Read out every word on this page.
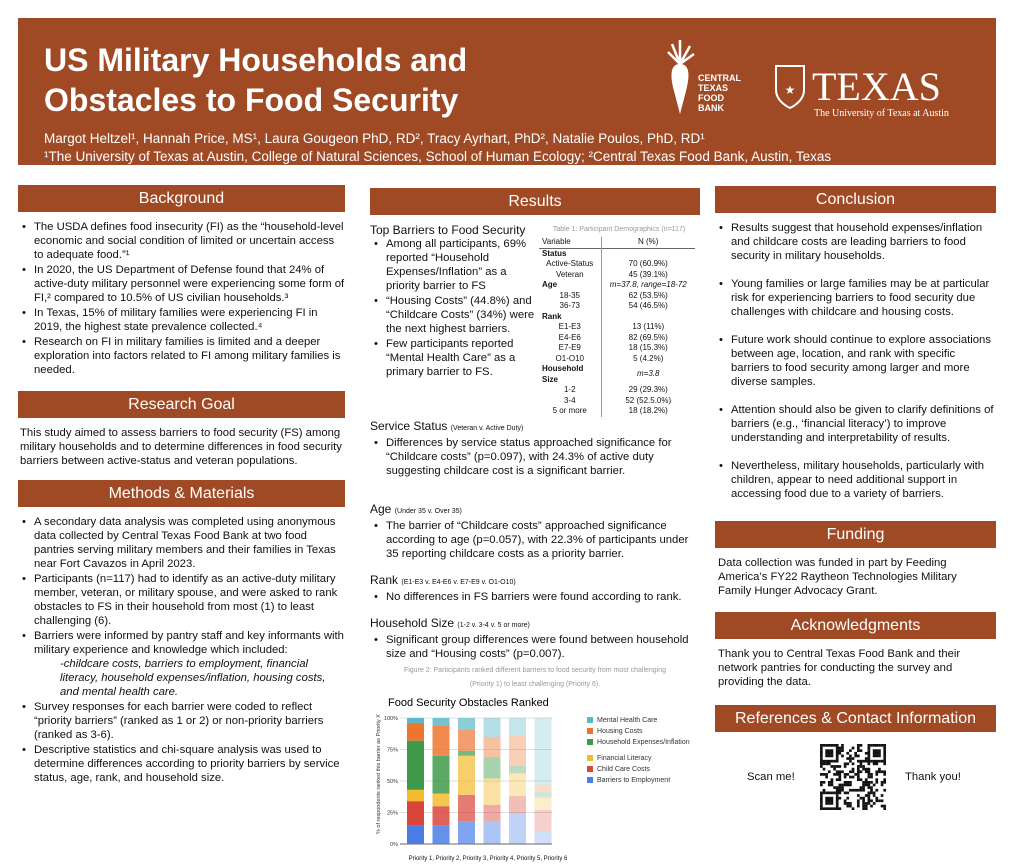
US Military Households and Obstacles to Food Security
Margot Heltzel¹, Hannah Price, MS¹, Laura Gougeon PhD, RD², Tracy Ayrhart, PhD², Natalie Poulos, PhD, RD¹
¹The University of Texas at Austin, College of Natural Sciences, School of Human Ecology; ²Central Texas Food Bank, Austin, Texas
CENTRAL
TEXAS
FOOD
BANK
★ TEXAS
The University of Texas at Austin
Background
• The USDA defines food insecurity (FI) as the “household-level economic and social condition of limited or uncertain access to adequate food.”¹
• In 2020, the US Department of Defense found that 24% of active-duty military personnel were experiencing some form of FI,² compared to 10.5% of US civilian households.³
• In Texas, 15% of military families were experiencing FI in 2019, the highest state prevalence collected.⁴
• Research on FI in military families is limited and a deeper exploration into factors related to FI among military families is needed.
Research Goal

This study aimed to assess barriers to food security (FS) among military households and to determine differences in food security barriers between active-status and veteran populations.

Methods & Materials
• A secondary data analysis was completed using anonymous data collected by Central Texas Food Bank at two food pantries serving military members and their families in Texas near Fort Cavazos in April 2023.
• Participants (n=117) had to identify as an active-duty military member, veteran, or military spouse, and were asked to rank obstacles to FS in their household from most (1) to least challenging (6).
• Barriers were informed by pantry staff and key informants with military experience and knowledge which included:
-childcare costs, barriers to employment, financial literacy, household expenses/inflation, housing costs, and mental health care.
• Survey responses for each barrier were coded to reflect “priority barriers” (ranked as 1 or 2) or non-priority barriers (ranked as 3-6).
• Descriptive statistics and chi-square analysis was used to determine differences according to priority barriers by service status, age, rank, and household size.
Results
Top Barriers to Food Security
• Among all participants, 69% reported “Household Expenses/Inflation” as a priority barrier to FS
• “Housing Costs” (44.8%) and “Childcare Costs” (34%) were the next highest barriers.
• Few participants reported “Mental Health Care” as a primary barrier to FS.
Table 1: Participant Demographics (n=117)
Variable	N (%)
Status	
Active-Status	70 (60.9%)
Veteran	45 (39.1%)
Age	m=37.8, range=18-72
18-35	62 (53.5%)
36-73	54 (46.5%)
Rank	
E1-E3	13 (11%)
E4-E6	82 (69.5%)
E7-E9	18 (15.3%)
O1-O10	5 (4.2%)
Household Size	m=3.8
1-2	29 (29.3%)
3-4	52 (52.5.0%)
5 or more	18 (18.2%)
Service Status (Veteran v. Active Duty)
• Differences by service status approached significance for “Childcare costs” (p=0.097), with 24.3% of active duty suggesting childcare cost is a significant barrier.
Age (Under 35 v. Over 35)
• The barrier of “Childcare costs” approached significance according to age (p=0.057), with 22.3% of participants under 35 reporting childcare costs as a priority barrier.
Rank (E1-E3 v. E4-E6 v. E7-E9 v. O1-O10)
• No differences in FS barriers were found according to rank.
Household Size (1-2 v. 3-4 v. 5 or more)
• Significant group differences were found between household size and “Housing costs” (p=0.007).
Figure 2: Participants ranked different barriers to food security from most challenging (Priority 1) to least challenging (Priority 6).
Food Security Obstacles Ranked
% of respondents ranked this barrier as Priority X
Priority 1, Priority 2, Priority 3, Priority 4, Priority 5, Priority 6
0%
25%
50%
75%
100%	Mental Health Care
Housing Costs
Household Expenses/Inflation
Financial Literacy
Child Care Costs
Barriers to Employment
Conclusion
• Results suggest that household expenses/inflation and childcare costs are leading barriers to food security in military households.
• Young families or large families may be at particular risk for experiencing barriers to food security due challenges with childcare and housing costs.
• Future work should continue to explore associations between age, location, and rank with specific barriers to food security among larger and more diverse samples.
• Attention should also be given to clarify definitions of barriers (e.g., ‘financial literacy’) to improve understanding and interpretability of results.
• Nevertheless, military households, particularly with children, appear to need additional support in accessing food due to a variety of barriers.
Funding

Data collection was funded in part by Feeding America’s FY22 Raytheon Technologies Military Family Hunger Advocacy Grant.

Acknowledgments

Thank you to Central Texas Food Bank and their network pantries for conducting the survey and providing the data.

References & Contact Information
Scan me!	Thank you!
